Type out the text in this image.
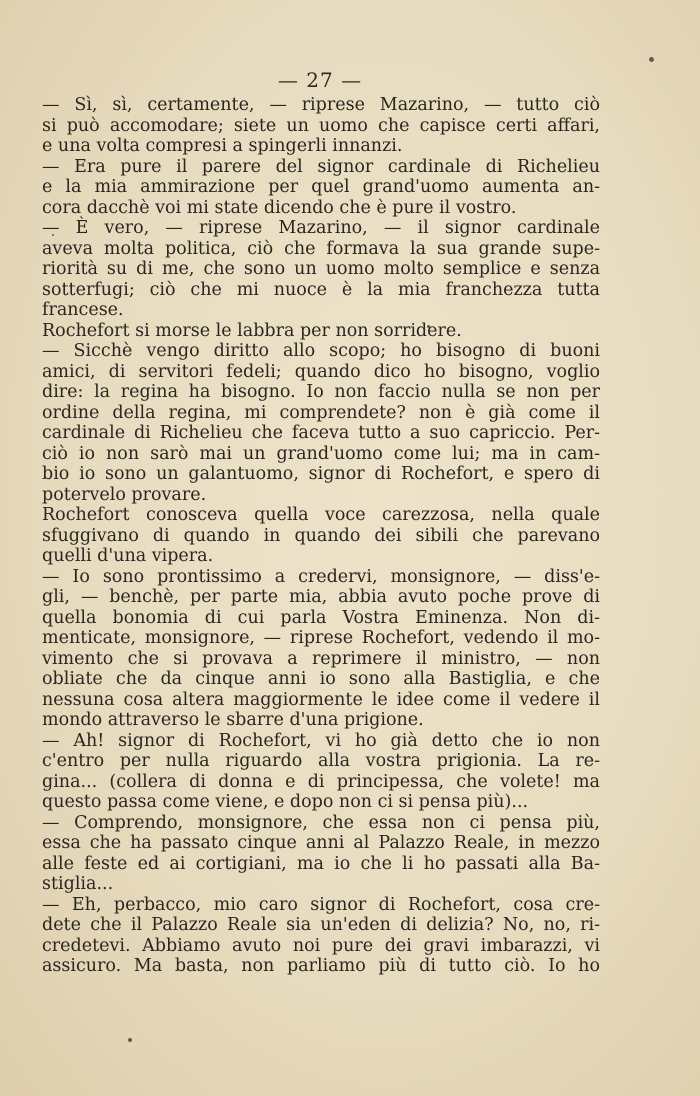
— 27 —
— Sì, sì, certamente, — riprese Mazarino, — tutto ciò
si può accomodare; siete un uomo che capisce certi affari,
e una volta compresi a spingerli innanzi.
— Era pure il parere del signor cardinale di Richelieu
e la mia ammirazione per quel grand'uomo aumenta an-
cora dacchè voi mi state dicendo che è pure il vostro.
— È vero, — riprese Mazarino, — il signor cardinale
aveva molta politica, ciò che formava la sua grande supe-
riorità su di me, che sono un uomo molto semplice e senza
sotterfugi; ciò che mi nuoce è la mia franchezza tutta
francese.
Rochefort si morse le labbra per non sorridere.
— Sicchè vengo diritto allo scopo; ho bisogno di buoni
amici, di servitori fedeli; quando dico ho bisogno, voglio
dire: la regina ha bisogno. Io non faccio nulla se non per
ordine della regina, mi comprendete? non è già come il
cardinale di Richelieu che faceva tutto a suo capriccio. Per-
ciò io non sarò mai un grand'uomo come lui; ma in cam-
bio io sono un galantuomo, signor di Rochefort, e spero di
potervelo provare.
Rochefort conosceva quella voce carezzosa, nella quale
sfuggivano di quando in quando dei sibili che parevano
quelli d'una vipera.
— Io sono prontissimo a credervi, monsignore, — diss'e-
gli, — benchè, per parte mia, abbia avuto poche prove di
quella bonomia di cui parla Vostra Eminenza. Non di-
menticate, monsignore, — riprese Rochefort, vedendo il mo-
vimento che si provava a reprimere il ministro, — non
obliate che da cinque anni io sono alla Bastiglia, e che
nessuna cosa altera maggiormente le idee come il vedere il
mondo attraverso le sbarre d'una prigione.
— Ah! signor di Rochefort, vi ho già detto che io non
c'entro per nulla riguardo alla vostra prigionia. La re-
gina... (collera di donna e di principessa, che volete! ma
questo passa come viene, e dopo non ci si pensa più)...
— Comprendo, monsignore, che essa non ci pensa più,
essa che ha passato cinque anni al Palazzo Reale, in mezzo
alle feste ed ai cortigiani, ma io che li ho passati alla Ba-
stiglia...
— Eh, perbacco, mio caro signor di Rochefort, cosa cre-
dete che il Palazzo Reale sia un'eden di delizia? No, no, ri-
credetevi. Abbiamo avuto noi pure dei gravi imbarazzi, vi
assicuro. Ma basta, non parliamo più di tutto ciò. Io ho
